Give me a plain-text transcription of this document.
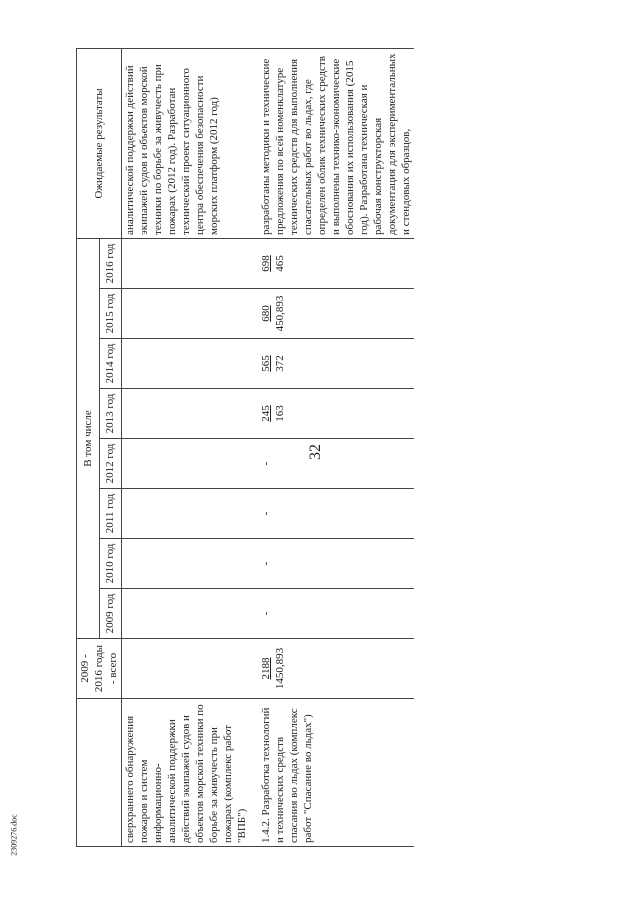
32
2309276.doc
	2009 - 2016 годы - всего	В том числе								Ожидаемые результаты
		2009 год	2010 год	2011 год	2012 год	2013 год	2014 год	2015 год	2016 год	
сверхраннего обнаружения пожаров и систем информационно-аналитической поддержки действий экипажей судов и объектов морской техники по борьбе за живучесть при пожарах (комплекс работ "ВПБ")										аналитической поддержки действий экипажей судов и объектов морской техники по борьбе за живучесть при пожарах (2012 год). Разработан технический проект ситуационного центра обеспечения безопасности морских платформ (2012 год)

1.4.2. Разработка технологий и технических средств спасания во льдах (комплекс работ "Спасание во льдах")	2188 1450,893	-	-	-	-	245 163	565 372	680 450,893	698 465	разработаны методики и технические предложения по всей номенклатуре технических средств для выполнения спасательных работ во льдах, где определен облик технических средств и выполнены технико-экономические обоснования их использования (2015 год). Разработана техническая и рабочая конструкторская документация для экспериментальных и стендовых образцов,
